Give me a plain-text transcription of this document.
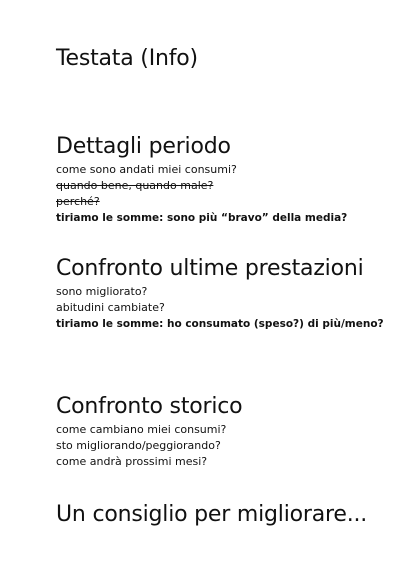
Testata (Info)
Dettagli periodo
come sono andati miei consumi?
quando bene, quando male?
perché?
tiriamo le somme: sono più “bravo” della media?
Confronto ultime prestazioni
sono migliorato?
abitudini cambiate?
tiriamo le somme: ho consumato (speso?) di più/meno?
Confronto storico
come cambiano miei consumi?
sto migliorando/peggiorando?
come andrà prossimi mesi?
Un consiglio per migliorare...
